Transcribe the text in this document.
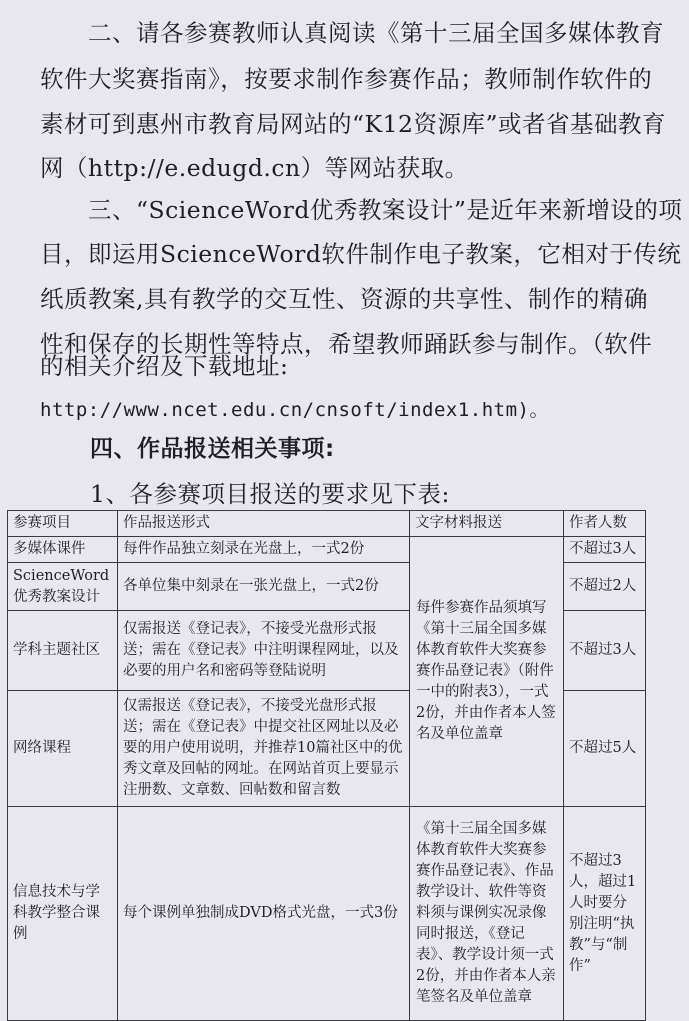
　　二、请各参赛教师认真阅读《第十三届全国多媒体教育
软件大奖赛指南》，按要求制作参赛作品；教师制作软件的
素材可到惠州市教育局网站的“K12资源库”或者省基础教育
网（http://e.edugd.cn）等网站获取。
　　三、“ScienceWord优秀教案设计”是近年来新增设的项
目，即运用ScienceWord软件制作电子教案，它相对于传统
纸质教案,具有教学的交互性、资源的共享性、制作的精确
性和保存的长期性等特点，希望教师踊跃参与制作。（软件
的相关介绍及下载地址:
http://www.ncet.edu.cn/cnsoft/index1.htm)。
四、作品报送相关事项:
1、各参赛项目报送的要求见下表:
参赛项目	作品报送形式	文字材料报送	作者人数
多媒体课件	每件作品独立刻录在光盘上，一式2份	每件参赛作品须填写《第十三届全国多媒体教育软件大奖赛参赛作品登记表》（附件一中的附表3），一式2份，并由作者本人签名及单位盖章	不超过3人
ScienceWord优秀教案设计	各单位集中刻录在一张光盘上，一式2份		不超过2人
学科主题社区	仅需报送《登记表》，不接受光盘形式报送；需在《登记表》中注明课程网址，以及必要的用户名和密码等登陆说明		不超过3人
网络课程	仅需报送《登记表》，不接受光盘形式报送；需在《登记表》中提交社区网址以及必要的用户使用说明，并推荐10篇社区中的优秀文章及回帖的网址。在网站首页上要显示注册数、文章数、回帖数和留言数		不超过5人
信息技术与学科教学整合课例	每个课例单独制成DVD格式光盘，一式3份	《第十三届全国多媒体教育软件大奖赛参赛作品登记表》、作品教学设计、软件等资料须与课例实况录像同时报送，《登记表》、教学设计须一式2份，并由作者本人亲笔签名及单位盖章	不超过3人，超过1人时要分别注明“执教”与“制作”
